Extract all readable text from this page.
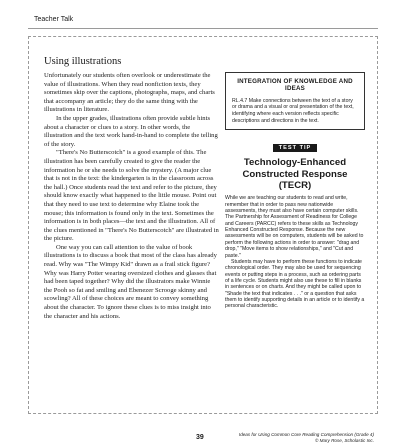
Teacher Talk
Using illustrations

Unfortunately our students often overlook or underestimate the value of illustrations. When they read nonfiction texts, they sometimes skip over the captions, photographs, maps, and charts that accompany an article; they do the same thing with the illustrations in literature.

In the upper grades, illustrations often provide subtle hints about a character or clues to a story. In other words, the illustration and the text work hand-in-hand to complete the telling of the story.

"There's No Butterscotch" is a good example of this. The illustration has been carefully created to give the reader the information he or she needs to solve the mystery. (A major clue that is not in the text: the kindergarten is in the classroom across the hall.) Once students read the text and refer to the picture, they should know exactly what happened to the little mouse. Point out that they need to use text to determine why Elaine took the mouse; this information is found only in the text. Sometimes the information is in both places—the text and the illustration. All of the clues mentioned in "There's No Butterscotch" are illustrated in the picture.

One way you can call attention to the value of book illustrations is to discuss a book that most of the class has already read. Why was "The Wimpy Kid" drawn as a frail stick figure? Why was Harry Potter wearing oversized clothes and glasses that had been taped together? Why did the illustrators make Winnie the Pooh so fat and smiling and Ebenezer Scrooge skinny and scowling? All of these choices are meant to convey something about the character. To ignore these clues is to miss insight into the character and his actions.

INTEGRATION OF KNOWLEDGE AND IDEAS
RL.4.7 Make connections between the text of a story or drama and a visual or oral presentation of the text, identifying where each version reflects specific descriptions and directions in the text.
TEST TIP
Technology-Enhanced Constructed Response (TECR)

While we are teaching our students to read and write, remember that in order to pass new nationwide assessments, they must also have certain computer skills. The Partnership for Assessment of Readiness for College and Careers (PARCC) refers to these skills as Technology Enhanced Constructed Response. Because the new assessments will be on computers, students will be asked to perform the following actions in order to answer: "drag and drop," "Move items to show relationships," and "Cut and paste."

Students may have to perform these functions to indicate chronological order. They may also be used for sequencing events or putting steps in a process, such as ordering parts of a life cycle. Students might also use these to fill in blanks in sentences or on charts. And they might be called upon to "Shade the text that indicates . . ." or a question that asks them to identify supporting details in an article or to identify a personal characteristic.

39	Ideas for Using Common Core Reading Comprehension (Grade 4)
© Mary Rose, Scholastic Inc.
